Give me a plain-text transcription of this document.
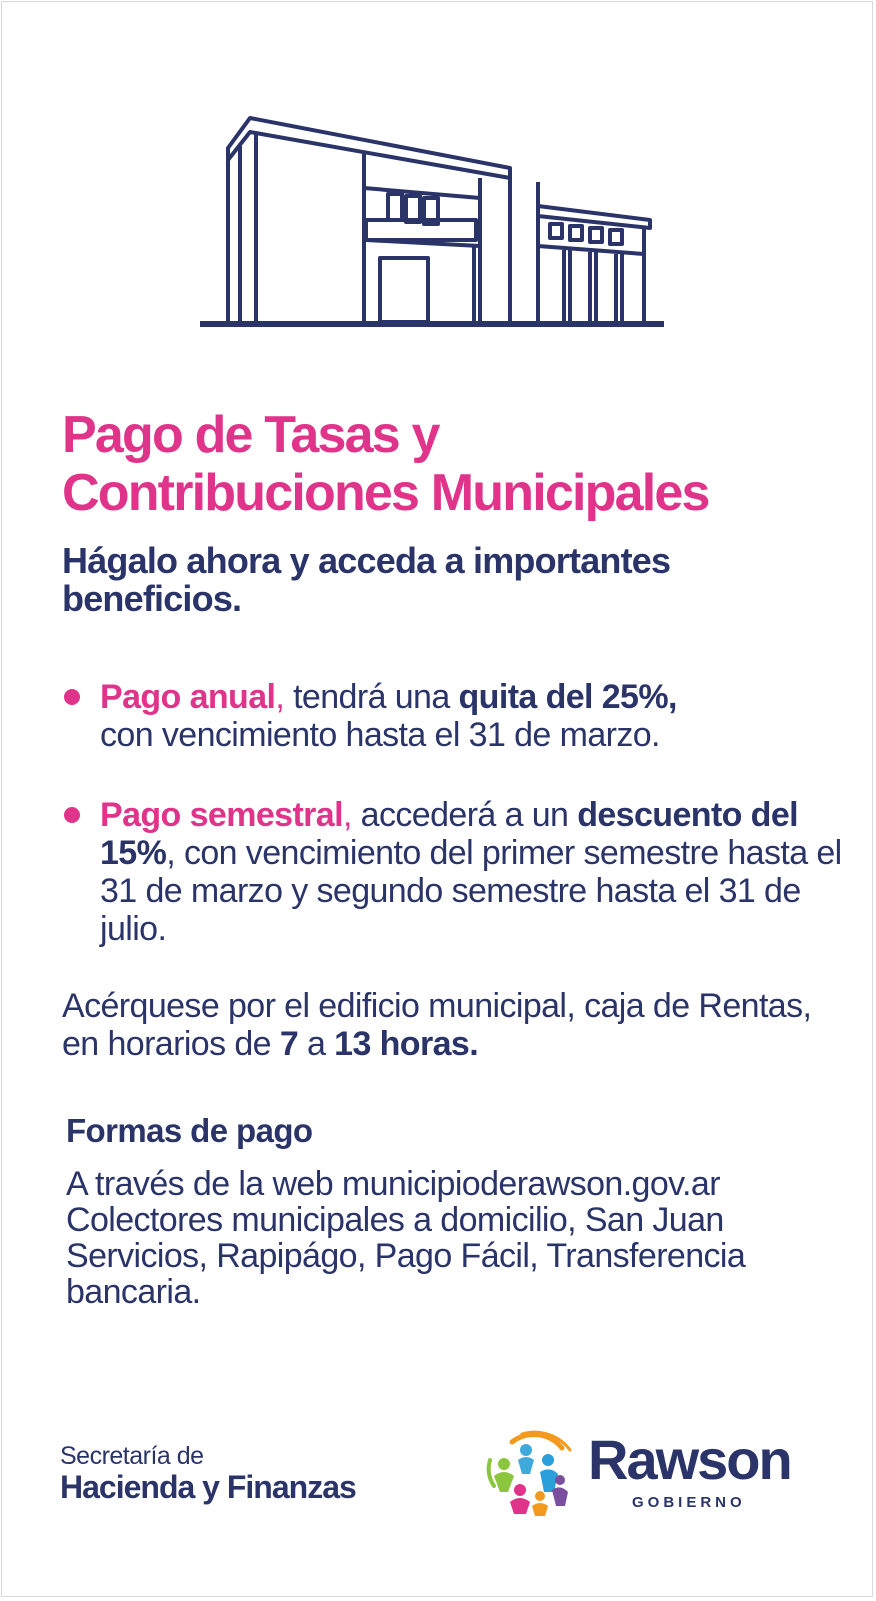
Pago de Tasas y
Contribuciones Municipales
Hágalo ahora y acceda a importantes
beneficios.
Pago anual, tendrá una quita del 25%,
con vencimiento hasta el 31 de marzo.
Pago semestral, accederá a un descuento del 15%, con vencimiento del primer semestre hasta el 31 de marzo y segundo semestre hasta el 31 de julio.

Acérquese por el edificio municipal, caja de Rentas, en horarios de 7 a 13 horas.

Formas de pago

A través de la web municipioderawson.gov.ar
Colectores municipales a domicilio, San Juan
Servicios, Rapipágo, Pago Fácil, Transferencia
bancaria.

Secretaría de
Hacienda y Finanzas	Rawson
GOBIERNO
